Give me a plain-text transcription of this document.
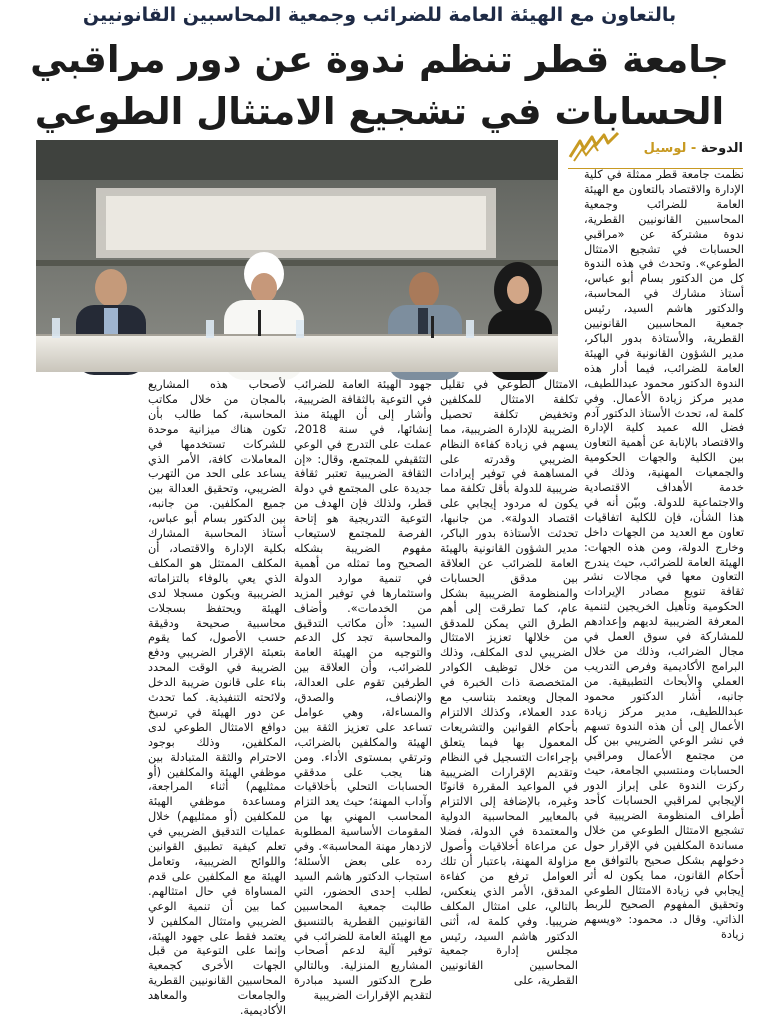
بالتعاون مع الهيئة العامة للضرائب وجمعية المحاسبين القانونيين
جامعة قطر تنظم ندوة عن دور مراقبي
الحسابات في تشجيع الامتثال الطوعي
الدوحة - لوسيل

نظمت جامعة قطر ممثلة في كلية الإدارة والاقتصاد بالتعاون مع الهيئة العامة للضرائب وجمعية المحاسبين القانونيين القطرية، ندوة مشتركة عن «مراقبي الحسابات في تشجيع الامتثال الطوعي». وتحدث في هذه الندوة كل من الدكتور بسام أبو عباس، أستاذ مشارك في المحاسبة، والدكتور هاشم السيد، رئيس جمعية المحاسبين القانونيين القطرية، والأستاذة بدور الباكر، مدير الشؤون القانونية في الهيئة العامة للضرائب، فيما أدار هذه الندوة الدكتور محمود عبداللطيف، مدير مركز زيادة الأعمال. وفي كلمة له، تحدث الأستاذ الدكتور آدم فضل الله عميد كلية الإدارة والاقتصاد بالإنابة عن أهمية التعاون بين الكلية والجهات الحكومية والجمعيات المهنية، وذلك في خدمة الأهداف الاقتصادية والاجتماعية للدولة. وبيّن أنه في هذا الشأن، فإن للكلية اتفاقيات تعاون مع العديد من الجهات داخل وخارج الدولة، ومن هذه الجهات: الهيئة العامة للضرائب، حيث يندرج التعاون معها في مجالات نشر ثقافة تنويع مصادر الإيرادات الحكومية وتأهيل الخريجين لتنمية المعرفة الضريبية لديهم وإعدادهم للمشاركة في سوق العمل في مجال الضرائب، وذلك من خلال البرامج الأكاديمية وفرص التدريب العملي والأبحاث التطبيقية. من جانبه، أشار الدكتور محمود عبداللطيف، مدير مركز زيادة الأعمال إلى أن هذه الندوة تسهم في نشر الوعي الضريبي بين كل من مجتمع الأعمال ومراقبي الحسابات ومنتسبي الجامعة، حيث ركزت الندوة على إبراز الدور الإيجابي لمراقبي الحسابات كأحد أطراف المنظومة الضريبية في تشجيع الامتثال الطوعي من خلال مساندة المكلفين في الإقرار حول دخولهم بشكل صحيح بالتوافق مع أحكام القانون، مما يكون له أثر إيجابي في زيادة الامتثال الطوعي وتحقيق المفهوم الصحيح للربط الذاتي. وقال د. محمود: «ويسهم زيادة

الامتثال الطوعي في تقليل تكلفة الامتثال للمكلفين وتخفيض تكلفة تحصيل الضريبة للإدارة الضريبية، مما يسهم في زيادة كفاءة النظام الضريبي وقدرته على المساهمة في توفير إيرادات ضريبية للدولة بأقل تكلفة مما يكون له مردود إيجابي على اقتصاد الدولة». من جانبها، تحدثت الأستاذة بدور الباكر، مدير الشؤون القانونية بالهيئة العامة للضرائب عن العلاقة بين مدقق الحسابات والمنظومة الضريبية بشكل عام، كما تطرقت إلى أهم الطرق التي يمكن للمدقق من خلالها تعزيز الامتثال الضريبي لدى المكلف، وذلك من خلال توظيف الكوادر المتخصصة ذات الخبرة في المجال ويعتمد بتناسب مع عدد العملاء، وكذلك الالتزام بأحكام القوانين والتشريعات المعمول بها فيما يتعلق بإجراءات التسجيل في النظام وتقديم الإقرارات الضريبية في المواعيد المقررة قانونًا وغيره، بالإضافة إلى الالتزام بالمعايير المحاسبية الدولية والمعتمدة في الدولة، فضلا عن مراعاة أخلاقيات وأصول مزاولة المهنة، باعتبار أن تلك العوامل ترفع من كفاءة المدقق، الأمر الذي ينعكس، بالتالي، على امتثال المكلف ضريبيا. وفي كلمة له، أثنى الدكتور هاشم السيد، رئيس مجلس إدارة جمعية المحاسبين القانونيين القطرية، على

جهود الهيئة العامة للضرائب في التوعية بالثقافة الضريبية، وأشار إلى أن الهيئة منذ إنشائها، في سنة 2018، عملت على التدرج في الوعي التثقيفي للمجتمع، وقال: «إن الثقافة الضريبية تعتبر ثقافة جديدة على المجتمع في دولة قطر، ولذلك فإن الهدف من التوعية التدريجية هو إتاحة الفرصة للمجتمع لاستيعاب مفهوم الضريبة بشكله الصحيح وما تمثله من أهمية في تنمية موارد الدولة واستثمارها في توفير المزيد من الخدمات». وأضاف السيد: «أن مكاتب التدقيق والمحاسبة تجد كل الدعم والتوجيه من الهيئة العامة للضرائب، وأن العلاقة بين الطرفين تقوم على العدالة، والإنصاف، والصدق، والمساءلة، وهي عوامل تساعد على تعزيز الثقة بين الهيئة والمكلفين بالضرائب، وترتقي بمستوى الأداء. ومن هنا يجب على مدققي الحسابات التحلي بأخلاقيات وآداب المهنة؛ حيث يعد التزام المحاسب المهني بها من المقومات الأساسية المطلوبة لازدهار مهنة المحاسبة». وفي رده على بعض الأسئلة؛ استجاب الدكتور هاشم السيد لطلب إحدى الحضور، التي طالبت جمعية المحاسبين القانونيين القطرية بالتنسيق مع الهيئة العامة للضرائب في توفير آلية لدعم أصحاب المشاريع المنزلية. وبالتالي طرح الدكتور السيد مبادرة لتقديم الإقرارات الضريبية

لأصحاب هذه المشاريع بالمجان من خلال مكاتب المحاسبة، كما طالب بأن تكون هناك ميزانية موحدة للشركات تستخدمها في المعاملات كافة، الأمر الذي يساعد على الحد من التهرب الضريبي، وتحقيق العدالة بين جميع المكلفين. من جانبه، بين الدكتور بسام أبو عباس، أستاذ المحاسبة المشارك بكلية الإدارة والاقتصاد، أن المكلف الممتثل هو المكلف الذي يعي بالوفاء بالتزاماته الضريبية ويكون مسجلا لدى الهيئة ويحتفظ بسجلات محاسبية صحيحة ودقيقة حسب الأصول، كما يقوم بتعبئة الإقرار الضريبي ودفع الضريبة في الوقت المحدد بناء على قانون ضريبة الدخل ولائحته التنفيذية. كما تحدث عن دور الهيئة في ترسيخ دوافع الامتثال الطوعي لدى المكلفين، وذلك بوجود الاحترام والثقة المتبادلة بين موظفي الهيئة والمكلفين (أو ممثليهم) أثناء المراجعة، ومساعدة موظفي الهيئة للمكلفين (أو ممثليهم) خلال عمليات التدقيق الضريبي في تعلم كيفية تطبيق القوانين واللوائح الضريبية، وتعامل الهيئة مع المكلفين على قدم المساواة في حال امتثالهم. كما بين أن تنمية الوعي الضريبي وامتثال المكلفين لا يعتمد فقط على جهود الهيئة، وإنما على التوعية من قبل الجهات الأخرى كجمعية المحاسبين القانونيين القطرية والجامعات والمعاهد الأكاديمية.
